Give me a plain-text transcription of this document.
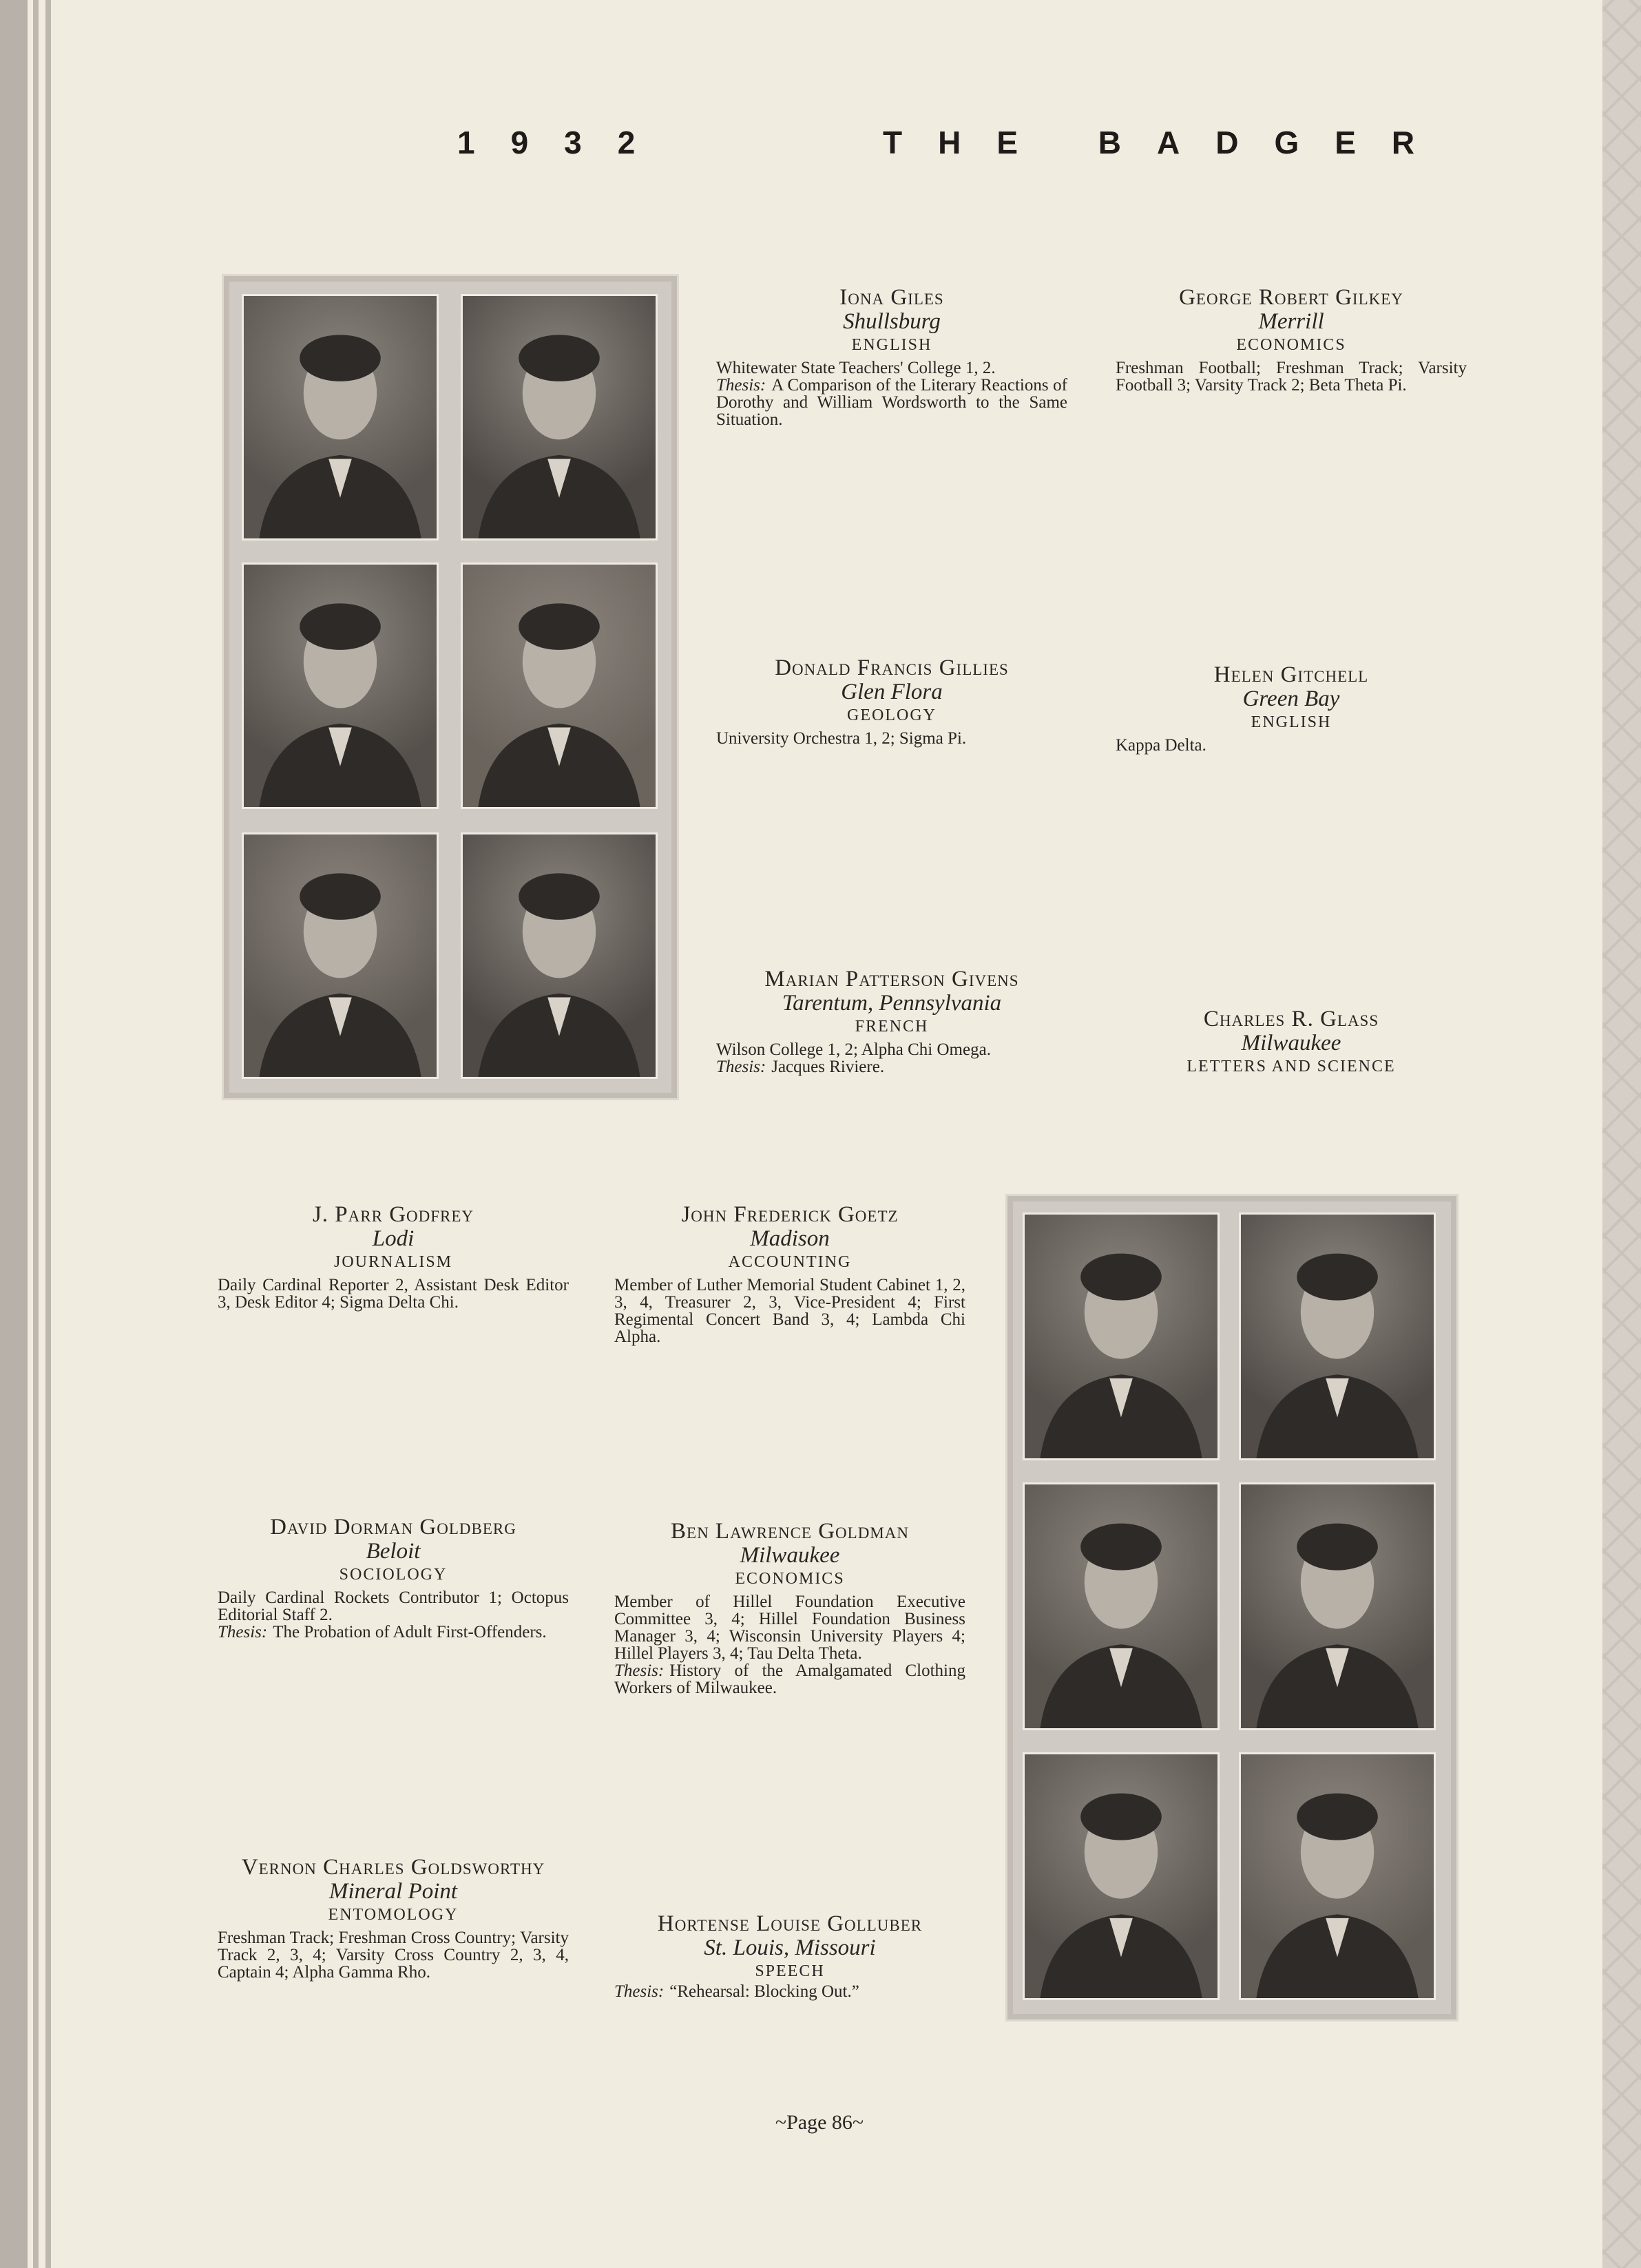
1932	THE BADGER
Iona Giles
Shullsburg
ENGLISH
Whitewater State Teachers' College 1, 2.
Thesis: A Comparison of the Literary Reactions of Dorothy and William Wordsworth to the Same Situation.
George Robert Gilkey
Merrill
ECONOMICS
Freshman Football; Freshman Track; Varsity Football 3; Varsity Track 2; Beta Theta Pi.
Donald Francis Gillies
Glen Flora
GEOLOGY
University Orchestra 1, 2; Sigma Pi.
Helen Gitchell
Green Bay
ENGLISH
Kappa Delta.
Marian Patterson Givens
Tarentum, Pennsylvania
FRENCH
Wilson College 1, 2; Alpha Chi Omega.
Thesis: Jacques Riviere.
Charles R. Glass
Milwaukee
LETTERS AND SCIENCE
J. Parr Godfrey
Lodi
JOURNALISM
Daily Cardinal Reporter 2, Assistant Desk Editor 3, Desk Editor 4; Sigma Delta Chi.
John Frederick Goetz
Madison
ACCOUNTING
Member of Luther Memorial Student Cabinet 1, 2, 3, 4, Treasurer 2, 3, Vice-President 4; First Regimental Concert Band 3, 4; Lambda Chi Alpha.
David Dorman Goldberg
Beloit
SOCIOLOGY
Daily Cardinal Rockets Contributor 1; Octopus Editorial Staff 2.
Thesis: The Probation of Adult First-Offenders.
Ben Lawrence Goldman
Milwaukee
ECONOMICS
Member of Hillel Foundation Executive Committee 3, 4; Hillel Foundation Business Manager 3, 4; Wisconsin University Players 4; Hillel Players 3, 4; Tau Delta Theta.
Thesis: History of the Amalgamated Clothing Workers of Milwaukee.
Vernon Charles Goldsworthy
Mineral Point
ENTOMOLOGY
Freshman Track; Freshman Cross Country; Varsity Track 2, 3, 4; Varsity Cross Country 2, 3, 4, Captain 4; Alpha Gamma Rho.
Hortense Louise Golluber
St. Louis, Missouri
SPEECH
Thesis: “Rehearsal: Blocking Out.”
~Page 86~
